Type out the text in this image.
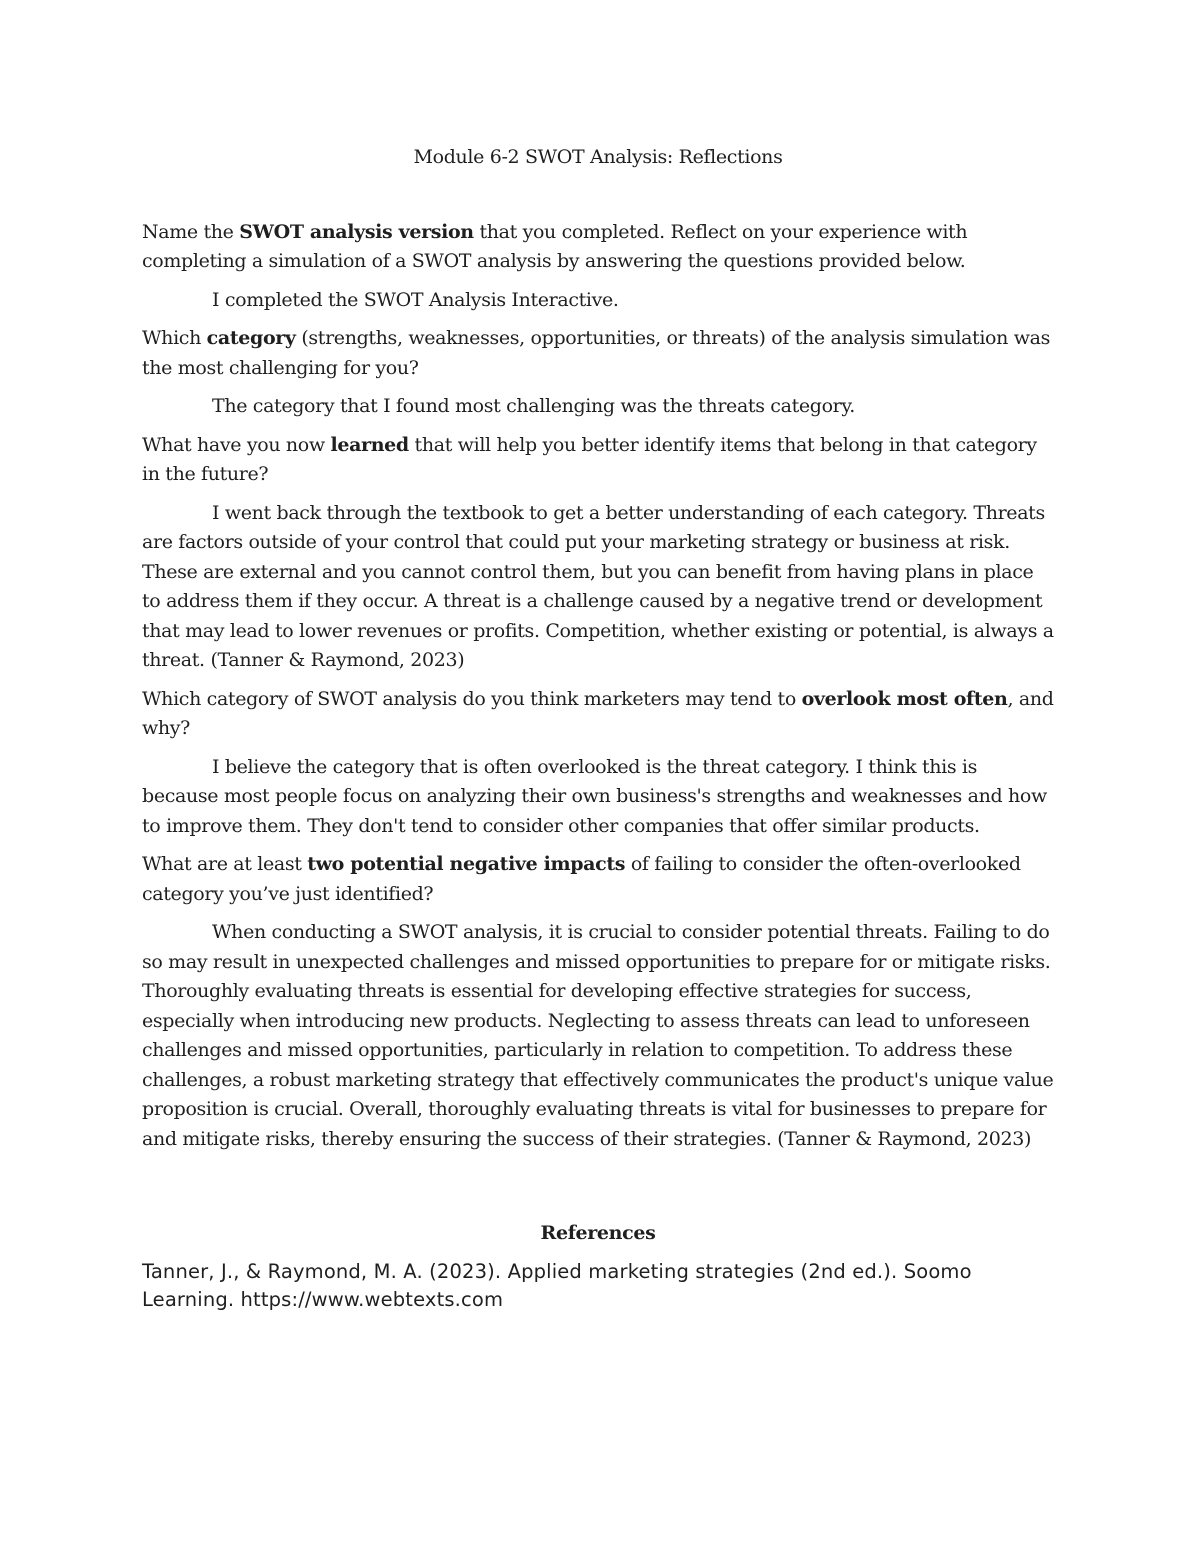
Module 6-2 SWOT Analysis: Reflections

Name the SWOT analysis version that you completed. Reflect on your experience with completing a simulation of a SWOT analysis by answering the questions provided below.

I completed the SWOT Analysis Interactive.

Which category (strengths, weaknesses, opportunities, or threats) of the analysis simulation was the most challenging for you?

The category that I found most challenging was the threats category.

What have you now learned that will help you better identify items that belong in that category in the future?

I went back through the textbook to get a better understanding of each category. Threats are factors outside of your control that could put your marketing strategy or business at risk. These are external and you cannot control them, but you can benefit from having plans in place to address them if they occur. A threat is a challenge caused by a negative trend or development that may lead to lower revenues or profits. Competition, whether existing or potential, is always a threat. (Tanner & Raymond, 2023)

Which category of SWOT analysis do you think marketers may tend to overlook most often, and why?

I believe the category that is often overlooked is the threat category. I think this is because most people focus on analyzing their own business's strengths and weaknesses and how to improve them. They don't tend to consider other companies that offer similar products.

What are at least two potential negative impacts of failing to consider the often-overlooked category you’ve just identified?

When conducting a SWOT analysis, it is crucial to consider potential threats. Failing to do so may result in unexpected challenges and missed opportunities to prepare for or mitigate risks. Thoroughly evaluating threats is essential for developing effective strategies for success, especially when introducing new products. Neglecting to assess threats can lead to unforeseen challenges and missed opportunities, particularly in relation to competition. To address these challenges, a robust marketing strategy that effectively communicates the product's unique value proposition is crucial. Overall, thoroughly evaluating threats is vital for businesses to prepare for and mitigate risks, thereby ensuring the success of their strategies. (Tanner & Raymond, 2023)

References

Tanner, J., & Raymond, M. A. (2023). Applied marketing strategies (2nd ed.). Soomo Learning. https://www.webtexts.com
